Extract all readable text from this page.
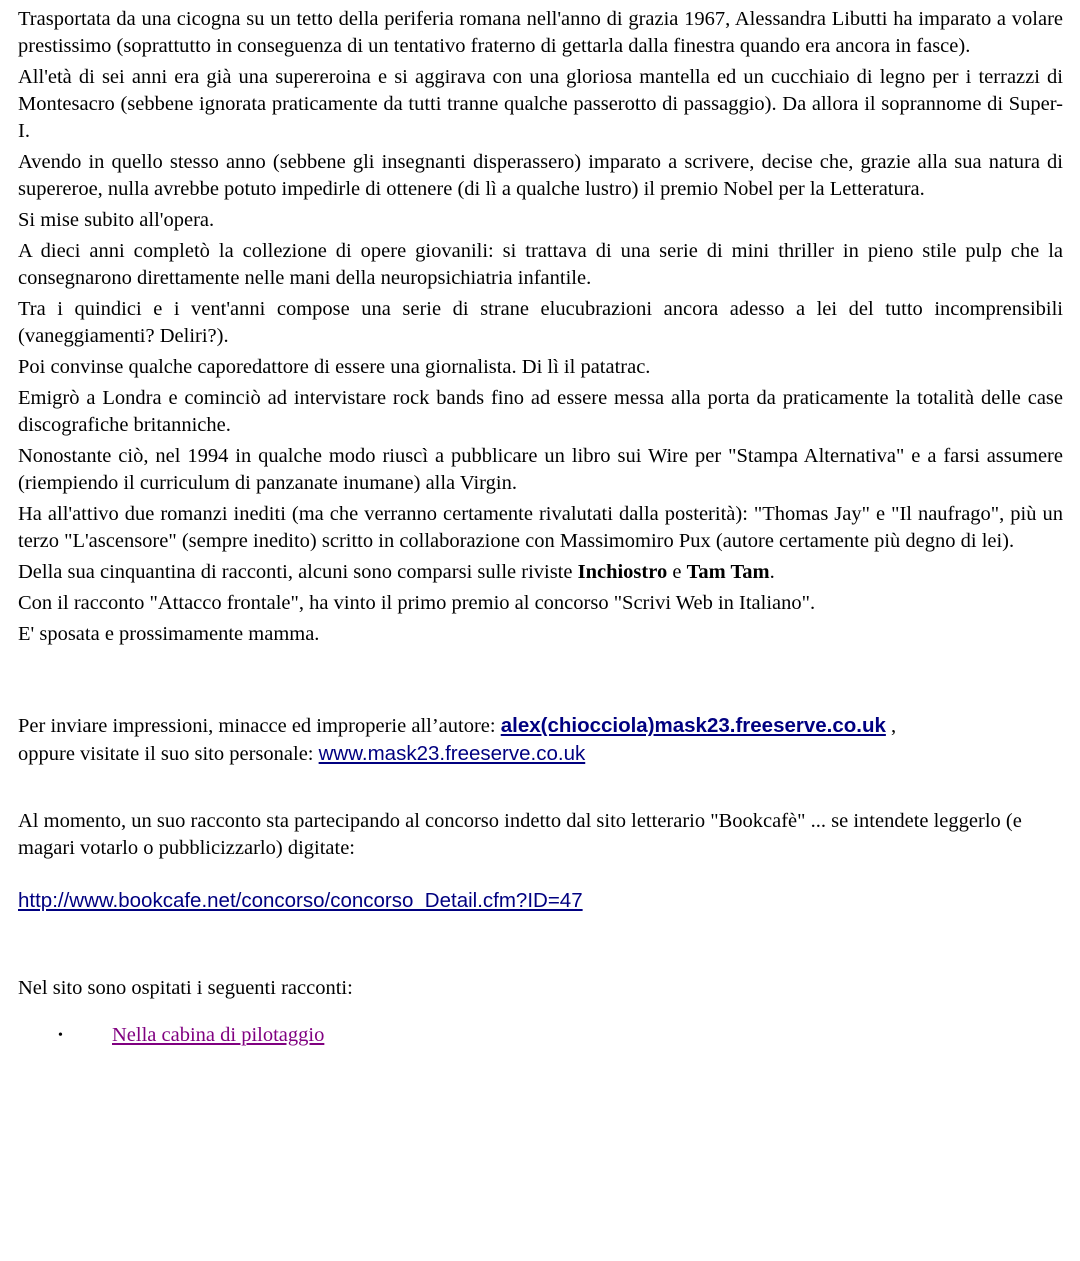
Trasportata da una cicogna su un tetto della periferia romana nell'anno di grazia 1967, Alessandra Libutti ha imparato a volare prestissimo (soprattutto in conseguenza di un tentativo fraterno di gettarla dalla finestra quando era ancora in fasce).

All'età di sei anni era già una supereroina e si aggirava con una gloriosa mantella ed un cucchiaio di legno per i terrazzi di Montesacro (sebbene ignorata praticamente da tutti tranne qualche passerotto di passaggio). Da allora il soprannome di Super-I.

Avendo in quello stesso anno (sebbene gli insegnanti disperassero) imparato a scrivere, decise che, grazie alla sua natura di supereroe, nulla avrebbe potuto impedirle di ottenere (di lì a qualche lustro) il premio Nobel per la Letteratura.

Si mise subito all'opera.

A dieci anni completò la collezione di opere giovanili: si trattava di una serie di mini thriller in pieno stile pulp che la consegnarono direttamente nelle mani della neuropsichiatria infantile.

Tra i quindici e i vent'anni compose una serie di strane elucubrazioni ancora adesso a lei del tutto incomprensibili (vaneggiamenti? Deliri?).

Poi convinse qualche caporedattore di essere una giornalista. Di lì il patatrac.

Emigrò a Londra e cominciò ad intervistare rock bands fino ad essere messa alla porta da praticamente la totalità delle case discografiche britanniche.

Nonostante ciò, nel 1994 in qualche modo riuscì a pubblicare un libro sui Wire per "Stampa Alternativa" e a farsi assumere (riempiendo il curriculum di panzanate inumane) alla Virgin.

Ha all'attivo due romanzi inediti (ma che verranno certamente rivalutati dalla posterità): "Thomas Jay" e "Il naufrago", più un terzo "L'ascensore" (sempre inedito) scritto in collaborazione con Massimomiro Pux (autore certamente più degno di lei).

Della sua cinquantina di racconti, alcuni sono comparsi sulle riviste Inchiostro e Tam Tam.

Con il racconto "Attacco frontale", ha vinto il primo premio al concorso "Scrivi Web in Italiano".

E' sposata e prossimamente mamma.

Per inviare impressioni, minacce ed improperie all’autore: alex(chiocciola)mask23.freeserve.co.uk ,

oppure visitate il suo sito personale: www.mask23.freeserve.co.uk

Al momento, un suo racconto sta partecipando al concorso indetto dal sito letterario "Bookcafè" ... se intendete leggerlo (e magari votarlo o pubblicizzarlo) digitate:

http://www.bookcafe.net/concorso/concorso_Detail.cfm?ID=47

Nel sito sono ospitati i seguenti racconti:

• Nella cabina di pilotaggio
